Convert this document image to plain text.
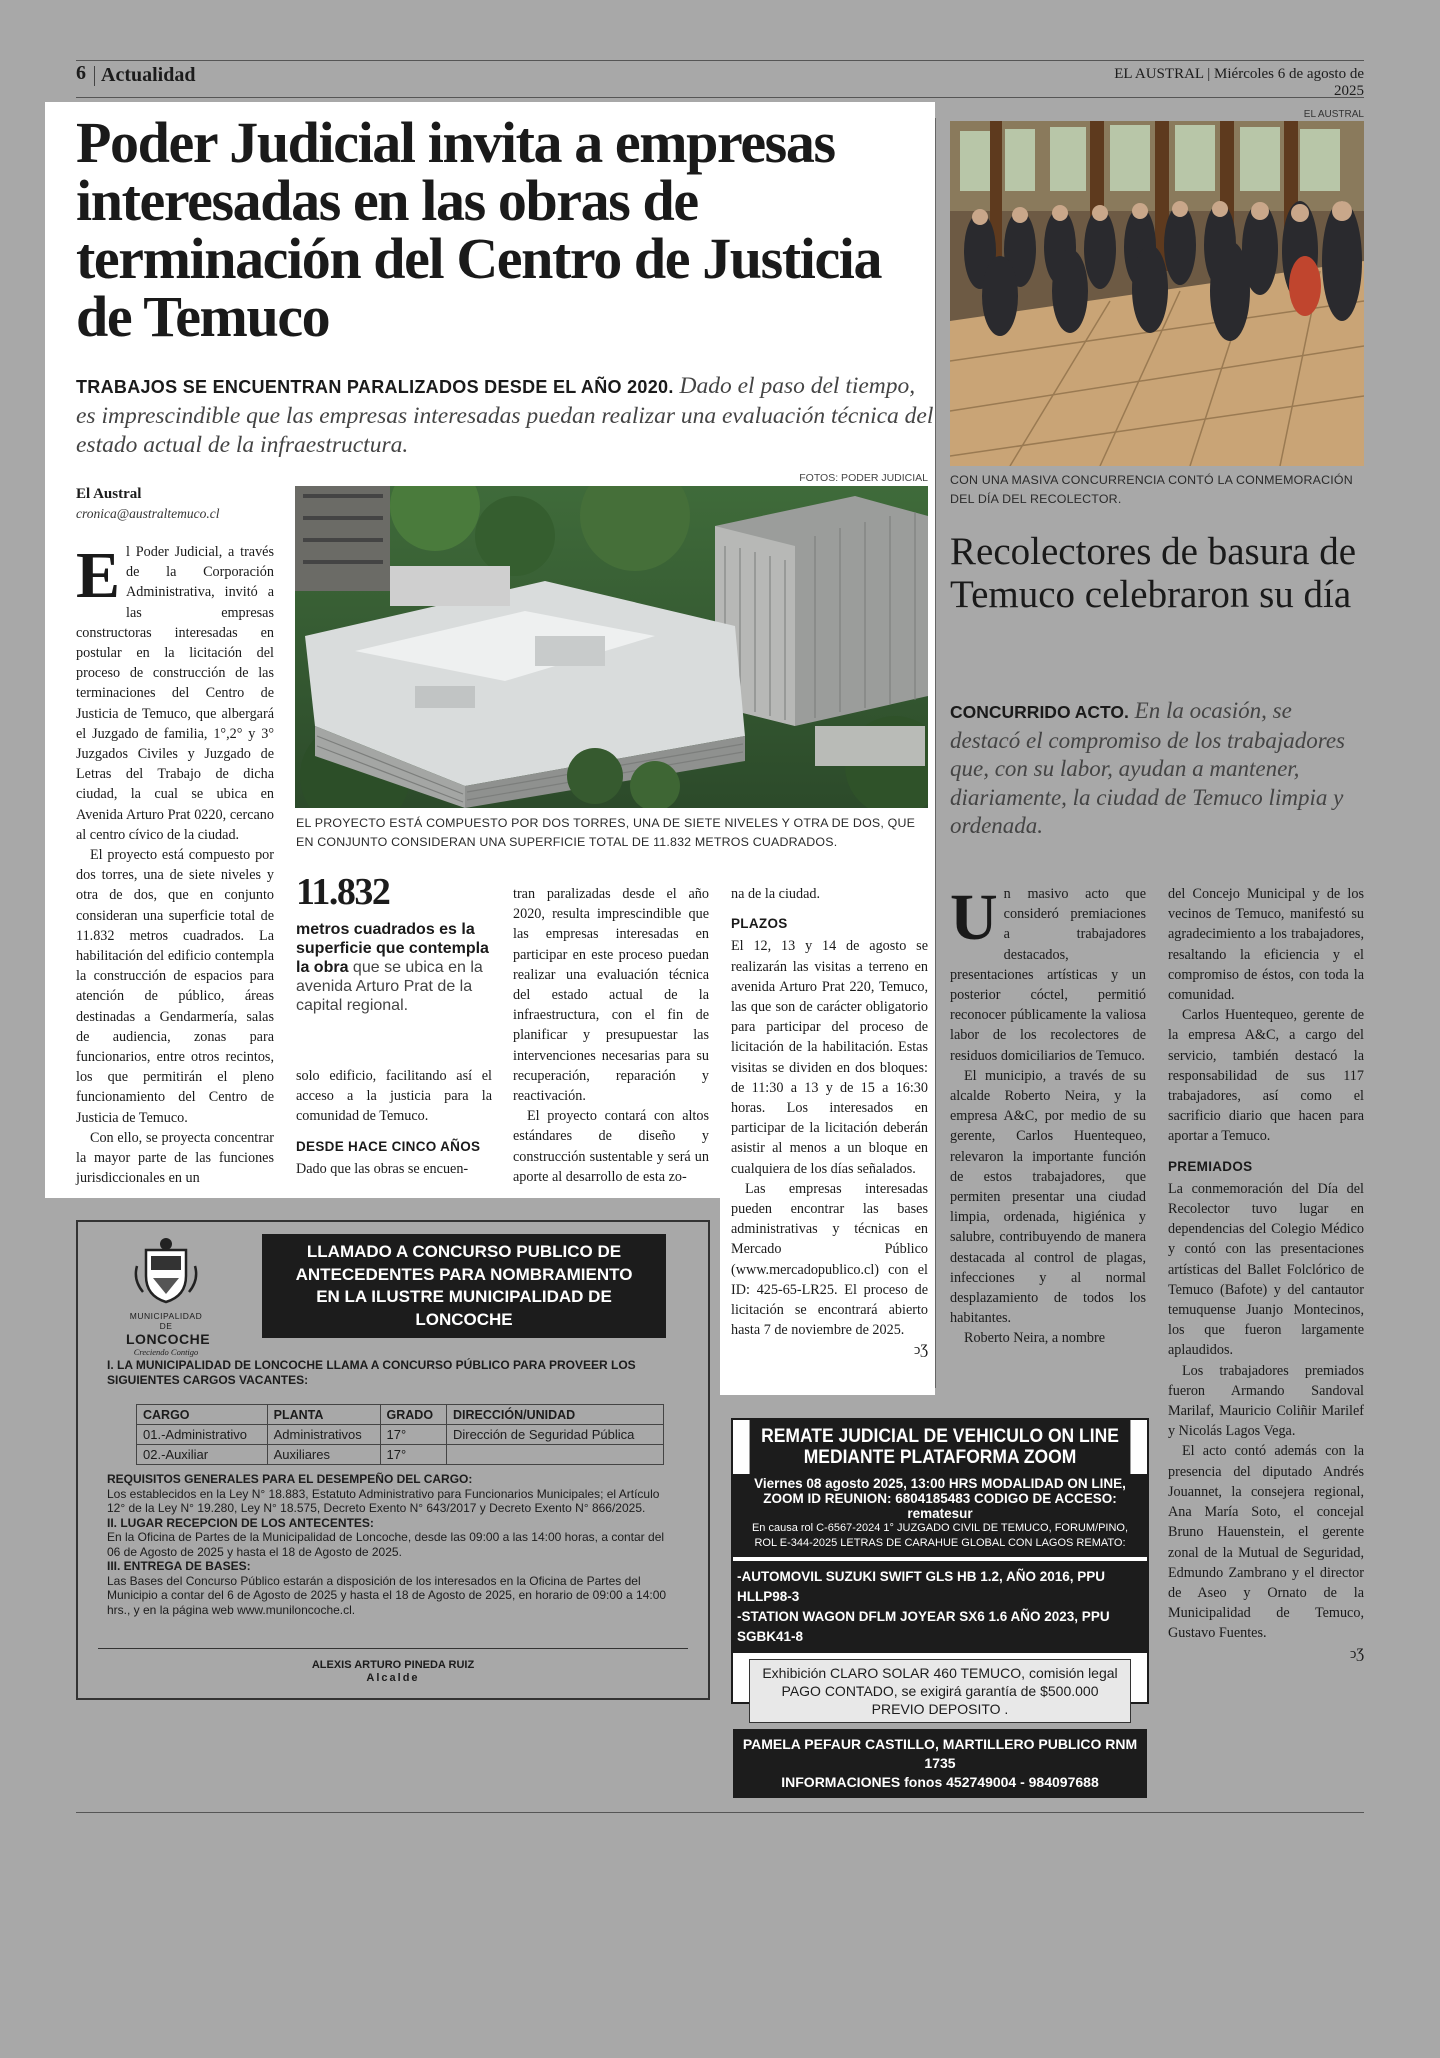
6 Actualidad	EL AUSTRAL | Miércoles 6 de agosto de 2025
Poder Judicial invita a empresas interesadas en las obras de terminación del Centro de Justicia de Temuco
TRABAJOS SE ENCUENTRAN PARALIZADOS DESDE EL AÑO 2020. Dado el paso del tiempo, es imprescindible que las empresas interesadas puedan realizar una evaluación técnica del estado actual de la infraestructura.
El Austral
cronica@australtemuco.cl
FOTOS: PODER JUDICIAL
EL PROYECTO ESTÁ COMPUESTO POR DOS TORRES, UNA DE SIETE NIVELES Y OTRA DE DOS, QUE EN CONJUNTO CONSIDERAN UNA SUPERFICIE TOTAL DE 11.832 METROS CUADRADOS.
E l Poder Judicial, a través de la Corporación Administrativa, invitó a las empresas constructoras interesadas en postular en la licitación del proceso de construcción de las terminaciones del Centro de Justicia de Temuco, que albergará el Juzgado de familia, 1°,2° y 3° Juzgados Civiles y Juzgado de Letras del Trabajo de dicha ciudad, la cual se ubica en Avenida Arturo Prat 0220, cercano al centro cívico de la ciudad.

El proyecto está compuesto por dos torres, una de siete niveles y otra de dos, que en conjunto consideran una superficie total de 11.832 metros cuadrados. La habilitación del edificio contempla la construcción de espacios para atención de público, áreas destinadas a Gendarmería, salas de audiencia, zonas para funcionarios, entre otros recintos, los que permitirán el pleno funcionamiento del Centro de Justicia de Temuco.

Con ello, se proyecta concentrar la mayor parte de las funciones jurisdiccionales en un

11.832
metros cuadrados es la superficie que contempla la obra que se ubica en la avenida Arturo Prat de la capital regional.

solo edificio, facilitando así el acceso a la justicia para la comunidad de Temuco.

DESDE HACE CINCO AÑOS

Dado que las obras se encuen-

tran paralizadas desde el año 2020, resulta imprescindible que las empresas interesadas en participar en este proceso puedan realizar una evaluación técnica del estado actual de la infraestructura, con el fin de planificar y presupuestar las intervenciones necesarias para su recuperación, reparación y reactivación.

El proyecto contará con altos estándares de diseño y construcción sustentable y será un aporte al desarrollo de esta zo-

na de la ciudad.

PLAZOS

El 12, 13 y 14 de agosto se realizarán las visitas a terreno en avenida Arturo Prat 220, Temuco, las que son de carácter obligatorio para participar del proceso de licitación de la habilitación. Estas visitas se dividen en dos bloques: de 11:30 a 13 y de 15 a 16:30 horas. Los interesados en participar de la licitación deberán asistir al menos a un bloque en cualquiera de los días señalados.

Las empresas interesadas pueden encontrar las bases administrativas y técnicas en Mercado Público (www.mercadopublico.cl) con el ID: 425-65-LR25. El proceso de licitación se encontrará abierto hasta 7 de noviembre de 2025.

ↄƷ
EL AUSTRAL
CON UNA MASIVA CONCURRENCIA CONTÓ LA CONMEMORACIÓN DEL DÍA DEL RECOLECTOR.
Recolectores de basura de Temuco celebraron su día
CONCURRIDO ACTO. En la ocasión, se destacó el compromiso de los trabajadores que, con su labor, ayudan a mantener, diariamente, la ciudad de Temuco limpia y ordenada.
U n masivo acto que consideró premiaciones a trabajadores destacados, presentaciones artísticas y un posterior cóctel, permitió reconocer públicamente la valiosa labor de los recolectores de residuos domiciliarios de Temuco.

El municipio, a través de su alcalde Roberto Neira, y la empresa A&C, por medio de su gerente, Carlos Huentequeo, relevaron la importante función de estos trabajadores, que permiten presentar una ciudad limpia, ordenada, higiénica y salubre, contribuyendo de manera destacada al control de plagas, infecciones y al normal desplazamiento de todos los habitantes.

Roberto Neira, a nombre

del Concejo Municipal y de los vecinos de Temuco, manifestó su agradecimiento a los trabajadores, resaltando la eficiencia y el compromiso de éstos, con toda la comunidad.

Carlos Huentequeo, gerente de la empresa A&C, a cargo del servicio, también destacó la responsabilidad de sus 117 trabajadores, así como el sacrificio diario que hacen para aportar a Temuco.

PREMIADOS

La conmemoración del Día del Recolector tuvo lugar en dependencias del Colegio Médico y contó con las presentaciones artísticas del Ballet Folclórico de Temuco (Bafote) y del cantautor temuquense Juanjo Montecinos, los que fueron largamente aplaudidos.

Los trabajadores premiados fueron Armando Sandoval Marilaf, Mauricio Coliñir Marilef y Nicolás Lagos Vega.

El acto contó además con la presencia del diputado Andrés Jouannet, la consejera regional, Ana María Soto, el concejal Bruno Hauenstein, el gerente zonal de la Mutual de Seguridad, Edmundo Zambrano y el director de Aseo y Ornato de la Municipalidad de Temuco, Gustavo Fuentes.

ↄƷ
MUNICIPALIDAD DE
LONCOCHE
Creciendo Contigo
LLAMADO A CONCURSO PUBLICO DE ANTECEDENTES PARA NOMBRAMIENTO EN LA ILUSTRE MUNICIPALIDAD DE LONCOCHE
I. LA MUNICIPALIDAD DE LONCOCHE LLAMA A CONCURSO PÚBLICO PARA PROVEER LOS SIGUIENTES CARGOS VACANTES:
CARGO	PLANTA	GRADO	DIRECCIÓN/UNIDAD
01.-Administrativo	Administrativos	17°	Dirección de Seguridad Pública
02.-Auxiliar	Auxiliares	17°	
REQUISITOS GENERALES PARA EL DESEMPEÑO DEL CARGO:
Los establecidos en la Ley N° 18.883, Estatuto Administrativo para Funcionarios Municipales; el Artículo 12° de la Ley N° 19.280, Ley N° 18.575, Decreto Exento N° 643/2017 y Decreto Exento N° 866/2025.
II. LUGAR RECEPCION DE LOS ANTECENTES:
En la Oficina de Partes de la Municipalidad de Loncoche, desde las 09:00 a las 14:00 horas, a contar del 06 de Agosto de 2025 y hasta el 18 de Agosto de 2025.
III. ENTREGA DE BASES:
Las Bases del Concurso Público estarán a disposición de los interesados en la Oficina de Partes del Municipio a contar del 6 de Agosto de 2025 y hasta el 18 de Agosto de 2025, en horario de 09:00 a 14:00 hrs., y en la página web www.muniloncoche.cl.
ALEXIS ARTURO PINEDA RUIZ
Alcalde
REMATE JUDICIAL DE VEHICULO ON LINE MEDIANTE PLATAFORMA ZOOM
Viernes 08 agosto 2025, 13:00 HRS MODALIDAD ON LINE,
ZOOM ID REUNION: 6804185483 CODIGO DE ACCESO: rematesur
En causa rol C-6567-2024 1° JUZGADO CIVIL DE TEMUCO, FORUM/PINO,
ROL E-344-2025 LETRAS DE CARAHUE GLOBAL CON LAGOS REMATO:
-AUTOMOVIL SUZUKI SWIFT GLS HB 1.2, AÑO 2016, PPU HLLP98-3
-STATION WAGON DFLM JOYEAR SX6 1.6 AÑO 2023, PPU SGBK41-8
Exhibición CLARO SOLAR 460 TEMUCO, comisión legal PAGO CONTADO, se exigirá garantía de $500.000 PREVIO DEPOSITO .
PAMELA PEFAUR CASTILLO, MARTILLERO PUBLICO RNM 1735
INFORMACIONES fonos 452749004 - 984097688
